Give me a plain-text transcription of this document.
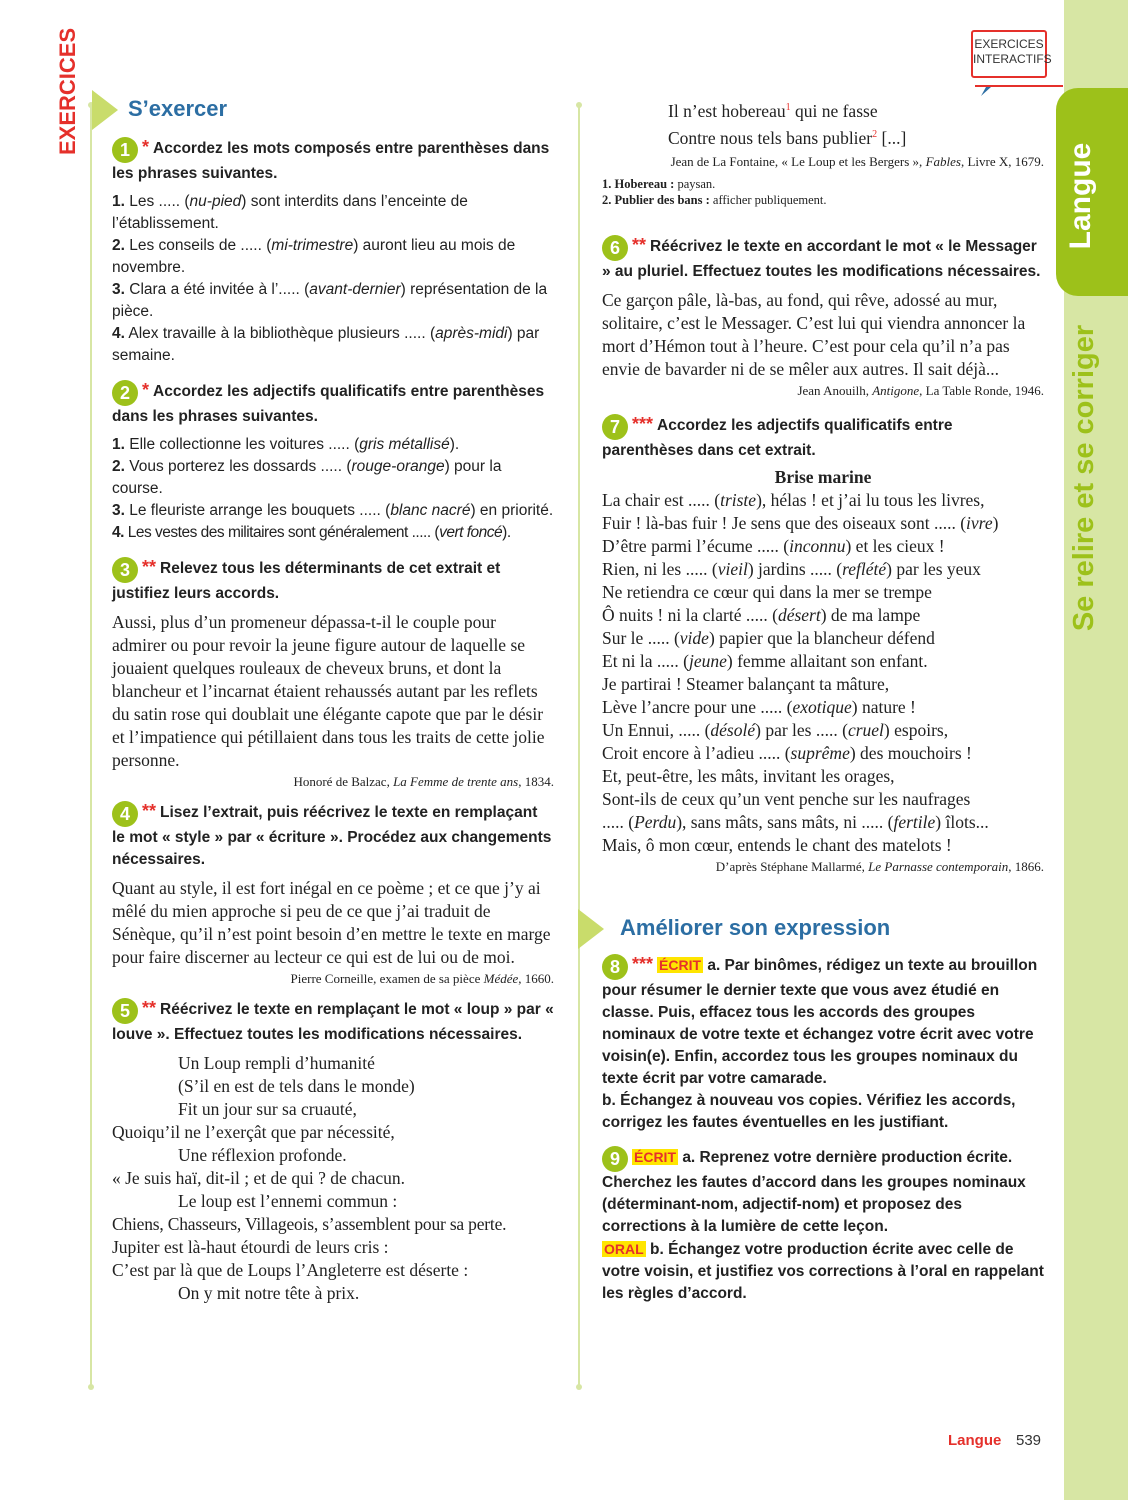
Langue
Se relire et se corriger
EXERCICES	EXERCICES
INTERACTIFS
S’exercer

1 * Accordez les mots composés entre parenthèses dans les phrases suivantes.

1. Les ..... (nu-pied) sont interdits dans l’enceinte de l’établissement.

2. Les conseils de ..... (mi-trimestre) auront lieu au mois de novembre.

3. Clara a été invitée à l’..... (avant-dernier) représentation de la pièce.

4. Alex travaille à la bibliothèque plusieurs ..... (après-midi) par semaine.

2 * Accordez les adjectifs qualificatifs entre parenthèses dans les phrases suivantes.

1. Elle collectionne les voitures ..... (gris métallisé).

2. Vous porterez les dossards ..... (rouge-orange) pour la course.

3. Le fleuriste arrange les bouquets ..... (blanc nacré) en priorité.

4. Les vestes des militaires sont généralement ..... (vert foncé).

3 ** Relevez tous les déterminants de cet extrait et justifiez leurs accords.

Aussi, plus d’un promeneur dépassa-t-il le couple pour admirer ou pour revoir la jeune figure autour de laquelle se jouaient quelques rouleaux de cheveux bruns, et dont la blancheur et l’incarnat étaient rehaussés autant par les reflets du satin rose qui doublait une élégante capote que par le désir et l’impatience qui pétillaient dans tous les traits de cette jolie personne.

Honoré de Balzac, La Femme de trente ans, 1834.

4 ** Lisez l’extrait, puis réécrivez le texte en remplaçant le mot « style » par « écriture ». Procédez aux changements nécessaires.

Quant au style, il est fort inégal en ce poème ; et ce que j’y ai mêlé du mien approche si peu de ce que j’ai traduit de Sénèque, qu’il n’est point besoin d’en mettre le texte en marge pour faire discerner au lecteur ce qui est de lui ou de moi.

Pierre Corneille, examen de sa pièce Médée, 1660.

5 ** Réécrivez le texte en remplaçant le mot « loup » par « louve ». Effectuez toutes les modifications nécessaires.

Un Loup rempli d’humanité

(S’il en est de tels dans le monde)

Fit un jour sur sa cruauté,

Quoiqu’il ne l’exerçât que par nécessité,

Une réflexion profonde.

« Je suis haï, dit-il ; et de qui ? de chacun.

Le loup est l’ennemi commun :

Chiens, Chasseurs, Villageois, s’assemblent pour sa perte.

Jupiter est là-haut étourdi de leurs cris :

C’est par là que de Loups l’Angleterre est déserte :

On y mit notre tête à prix.

Il n’est hobereau$^1$ qui ne fasse

Contre nous tels bans publier$^2$ [...]

Jean de La Fontaine, « Le Loup et les Bergers », Fables, Livre X, 1679.

1. Hobereau : paysan.

2. Publier des bans : afficher publiquement.

6 ** Réécrivez le texte en accordant le mot « le Messager » au pluriel. Effectuez toutes les modifications nécessaires.

Ce garçon pâle, là-bas, au fond, qui rêve, adossé au mur, solitaire, c’est le Messager. C’est lui qui viendra annoncer la mort d’Hémon tout à l’heure. C’est pour cela qu’il n’a pas envie de bavarder ni de se mêler aux autres. Il sait déjà...

Jean Anouilh, Antigone, La Table Ronde, 1946.

7 *** Accordez les adjectifs qualificatifs entre parenthèses dans cet extrait.

Brise marine

La chair est ..... (triste), hélas ! et j’ai lu tous les livres,

Fuir ! là-bas fuir ! Je sens que des oiseaux sont ..... (ivre)

D’être parmi l’écume ..... (inconnu) et les cieux !

Rien, ni les ..... (vieil) jardins ..... (reflété) par les yeux

Ne retiendra ce cœur qui dans la mer se trempe

Ô nuits ! ni la clarté ..... (désert) de ma lampe

Sur le ..... (vide) papier que la blancheur défend

Et ni la ..... (jeune) femme allaitant son enfant.

Je partirai ! Steamer balançant ta mâture,

Lève l’ancre pour une ..... (exotique) nature !

Un Ennui, ..... (désolé) par les ..... (cruel) espoirs,

Croit encore à l’adieu ..... (suprême) des mouchoirs !

Et, peut-être, les mâts, invitant les orages,

Sont-ils de ceux qu’un vent penche sur les naufrages

..... (Perdu), sans mâts, sans mâts, ni ..... (fertile) îlots...

Mais, ô mon cœur, entends le chant des matelots !

D’après Stéphane Mallarmé, Le Parnasse contemporain, 1866.

Améliorer son expression

8 *** ÉCRIT a. Par binômes, rédigez un texte au brouillon pour résumer le dernier texte que vous avez étudié en classe. Puis, effacez tous les accords des groupes nominaux de votre texte et échangez votre écrit avec votre voisin(e). Enfin, accordez tous les groupes nominaux du texte écrit par votre camarade.

b. Échangez à nouveau vos copies. Vérifiez les accords, corrigez les fautes éventuelles en les justifiant.

9 ÉCRIT a. Reprenez votre dernière production écrite. Cherchez les fautes d’accord dans les groupes nominaux (déterminant-nom, adjectif-nom) et proposez des corrections à la lumière de cette leçon.

ORAL b. Échangez votre production écrite avec celle de votre voisin, et justifiez vos corrections à l’oral en rappelant les règles d’accord.

Langue 539
